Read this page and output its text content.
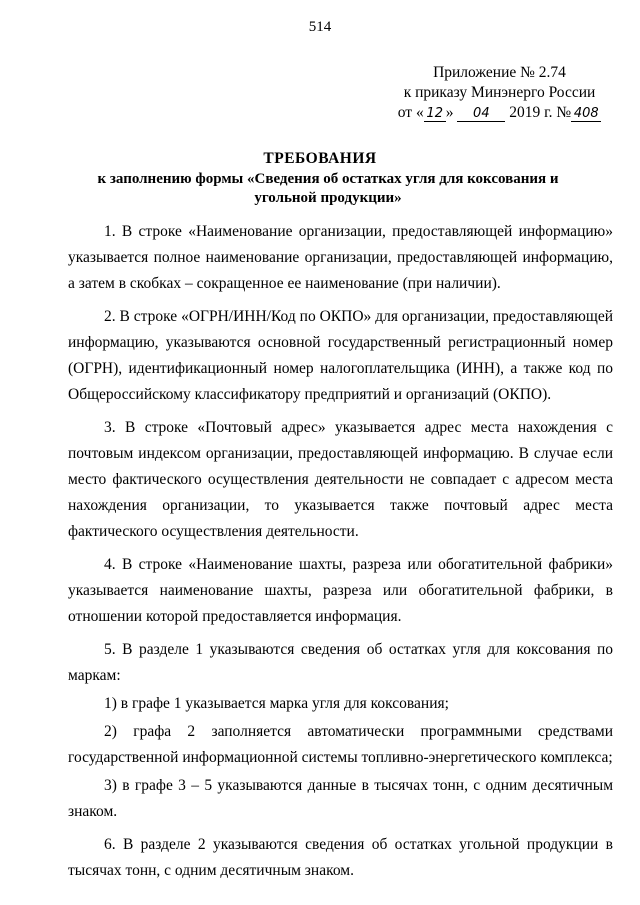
514
Приложение № 2.74
к приказу Минэнерго России
от « 12 » 04 2019 г. № 408
ТРЕБОВАНИЯ
к заполнению формы «Сведения об остатках угля для коксования и угольной продукции»

1. В строке «Наименование организации, предоставляющей информацию» указывается полное наименование организации, предоставляющей информацию, а затем в скобках – сокращенное ее наименование (при наличии).

2. В строке «ОГРН/ИНН/Код по ОКПО» для организации, предоставляющей информацию, указываются основной государственный регистрационный номер (ОГРН), идентификационный номер налогоплательщика (ИНН), а также код по Общероссийскому классификатору предприятий и организаций (ОКПО).

3. В строке «Почтовый адрес» указывается адрес места нахождения с почтовым индексом организации, предоставляющей информацию. В случае если место фактического осуществления деятельности не совпадает с адресом места нахождения организации, то указывается также почтовый адрес места фактического осуществления деятельности.

4. В строке «Наименование шахты, разреза или обогатительной фабрики» указывается наименование шахты, разреза или обогатительной фабрики, в отношении которой предоставляется информация.

5. В разделе 1 указываются сведения об остатках угля для коксования по маркам:

1) в графе 1 указывается марка угля для коксования;

2) графа 2 заполняется автоматически программными средствами государственной информационной системы топливно-энергетического комплекса;

3) в графе 3 – 5 указываются данные в тысячах тонн, с одним десятичным знаком.

6. В разделе 2 указываются сведения об остатках угольной продукции в тысячах тонн, с одним десятичным знаком.
